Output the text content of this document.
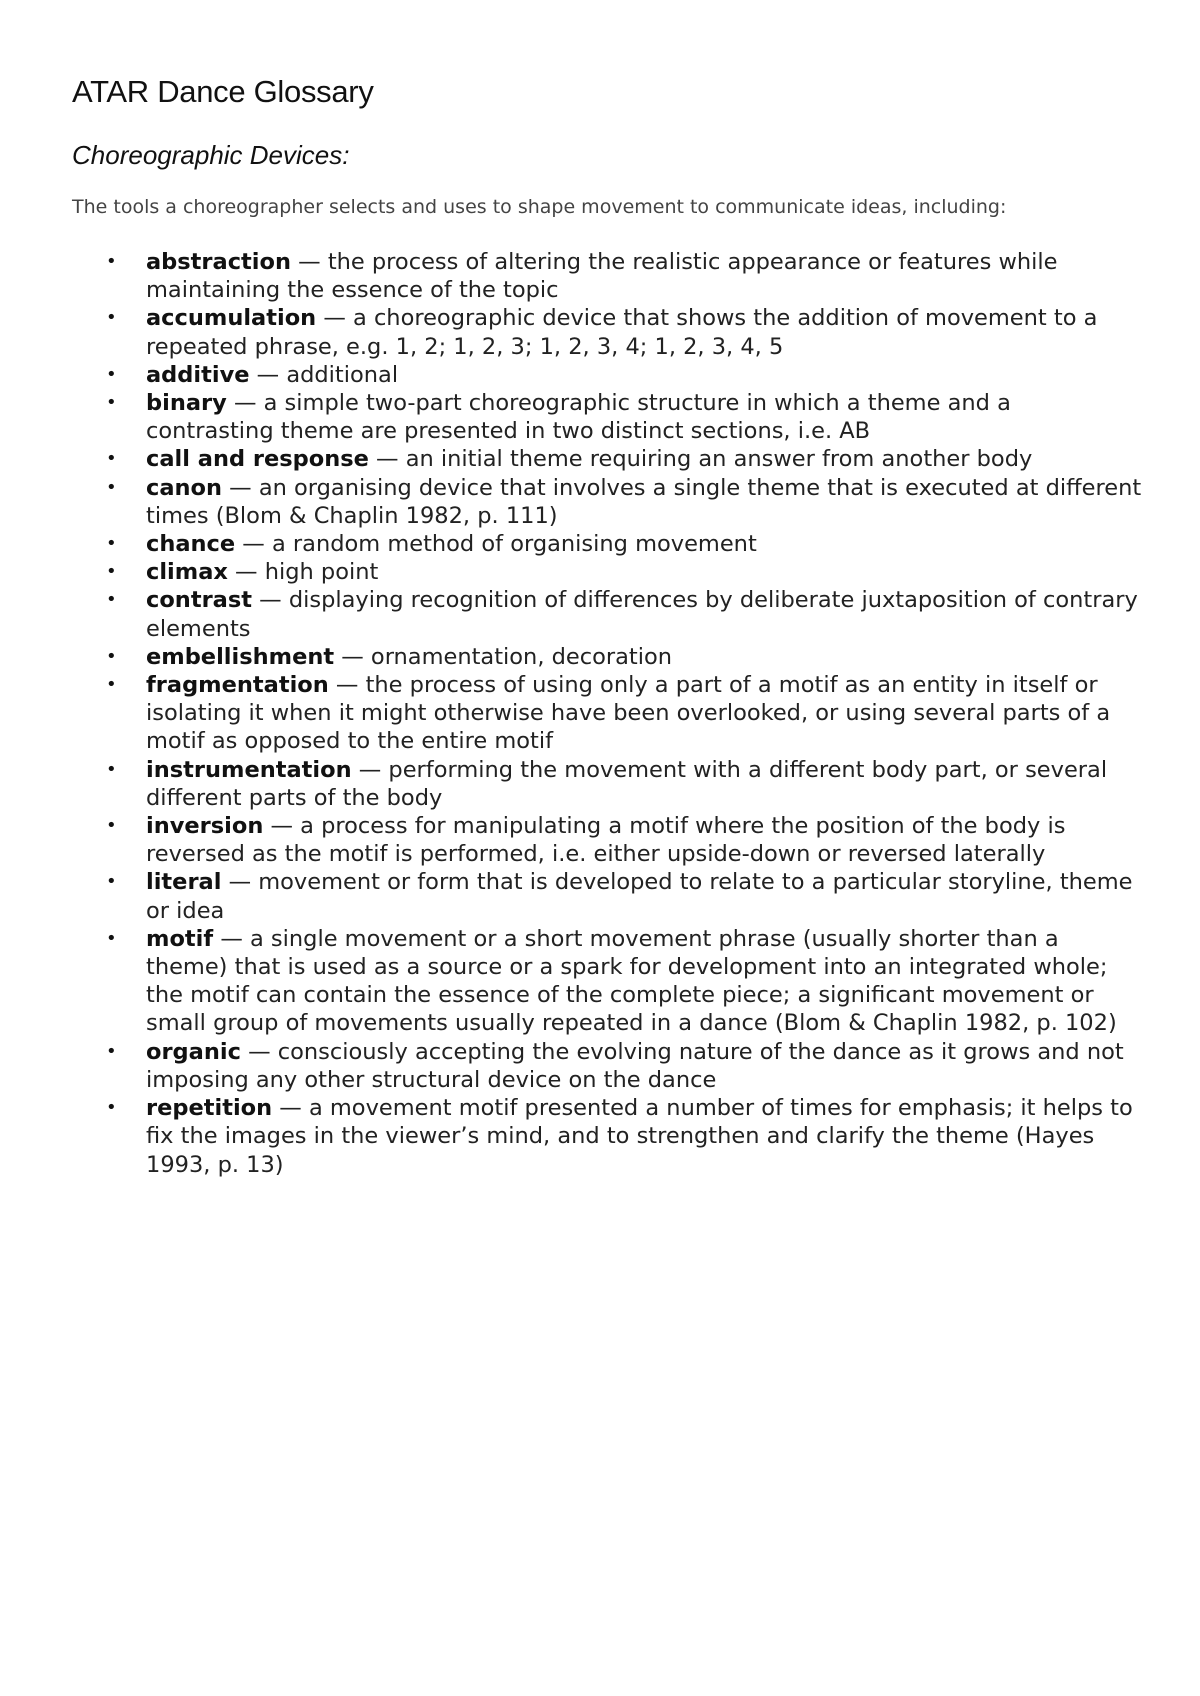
ATAR Dance Glossary
Choreographic Devices:

The tools a choreographer selects and uses to shape movement to communicate ideas, including:

• abstraction — the process of altering the realistic appearance or features while maintaining the essence of the topic
• accumulation — a choreographic device that shows the addition of movement to a repeated phrase, e.g. 1, 2; 1, 2, 3; 1, 2, 3, 4; 1, 2, 3, 4, 5
• additive — additional
• binary — a simple two-part choreographic structure in which a theme and a contrasting theme are presented in two distinct sections, i.e. AB
• call and response — an initial theme requiring an answer from another body
• canon — an organising device that involves a single theme that is executed at different times (Blom & Chaplin 1982, p. 111)
• chance — a random method of organising movement
• climax — high point
• contrast — displaying recognition of differences by deliberate juxtaposition of contrary elements
• embellishment — ornamentation, decoration
• fragmentation — the process of using only a part of a motif as an entity in itself or isolating it when it might otherwise have been overlooked, or using several parts of a motif as opposed to the entire motif
• instrumentation — performing the movement with a different body part, or several different parts of the body
• inversion — a process for manipulating a motif where the position of the body is reversed as the motif is performed, i.e. either upside-down or reversed laterally
• literal — movement or form that is developed to relate to a particular storyline, theme or idea
• motif — a single movement or a short movement phrase (usually shorter than a theme) that is used as a source or a spark for development into an integrated whole; the motif can contain the essence of the complete piece; a significant movement or small group of movements usually repeated in a dance (Blom & Chaplin 1982, p. 102)
• organic — consciously accepting the evolving nature of the dance as it grows and not imposing any other structural device on the dance
• repetition — a movement motif presented a number of times for emphasis; it helps to fix the images in the viewer’s mind, and to strengthen and clarify the theme (Hayes 1993, p. 13)
